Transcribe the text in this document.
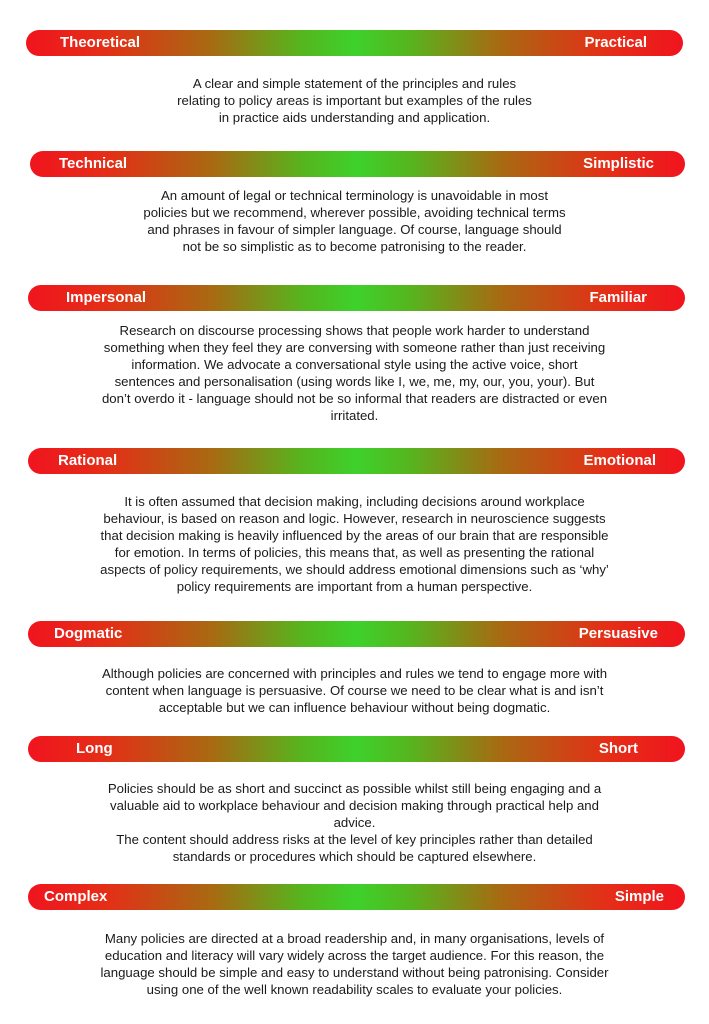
Theoretical	Practical

A clear and simple statement of the principles and rules
relating to policy areas is important but examples of the rules
in practice aids understanding and application.

Technical	Simplistic

An amount of legal or technical terminology is unavoidable in most
policies but we recommend, wherever possible, avoiding technical terms
and phrases in favour of simpler language. Of course, language should
not be so simplistic as to become patronising to the reader.

Impersonal	Familiar

Research on discourse processing shows that people work harder to understand
something when they feel they are conversing with someone rather than just receiving
information. We advocate a conversational style using the active voice, short
sentences and personalisation (using words like I, we, me, my, our, you, your). But
don’t overdo it - language should not be so informal that readers are distracted or even
irritated.

Rational	Emotional

It is often assumed that decision making, including decisions around workplace
behaviour, is based on reason and logic. However, research in neuroscience suggests
that decision making is heavily influenced by the areas of our brain that are responsible
for emotion. In terms of policies, this means that, as well as presenting the rational
aspects of policy requirements, we should address emotional dimensions such as ‘why’
policy requirements are important from a human perspective.

Dogmatic	Persuasive

Although policies are concerned with principles and rules we tend to engage more with
content when language is persuasive. Of course we need to be clear what is and isn’t
acceptable but we can influence behaviour without being dogmatic.

Long	Short

Policies should be as short and succinct as possible whilst still being engaging and a
valuable aid to workplace behaviour and decision making through practical help and
advice.
The content should address risks at the level of key principles rather than detailed
standards or procedures which should be captured elsewhere.

Complex	Simple

Many policies are directed at a broad readership and, in many organisations, levels of
education and literacy will vary widely across the target audience. For this reason, the
language should be simple and easy to understand without being patronising. Consider
using one of the well known readability scales to evaluate your policies.
